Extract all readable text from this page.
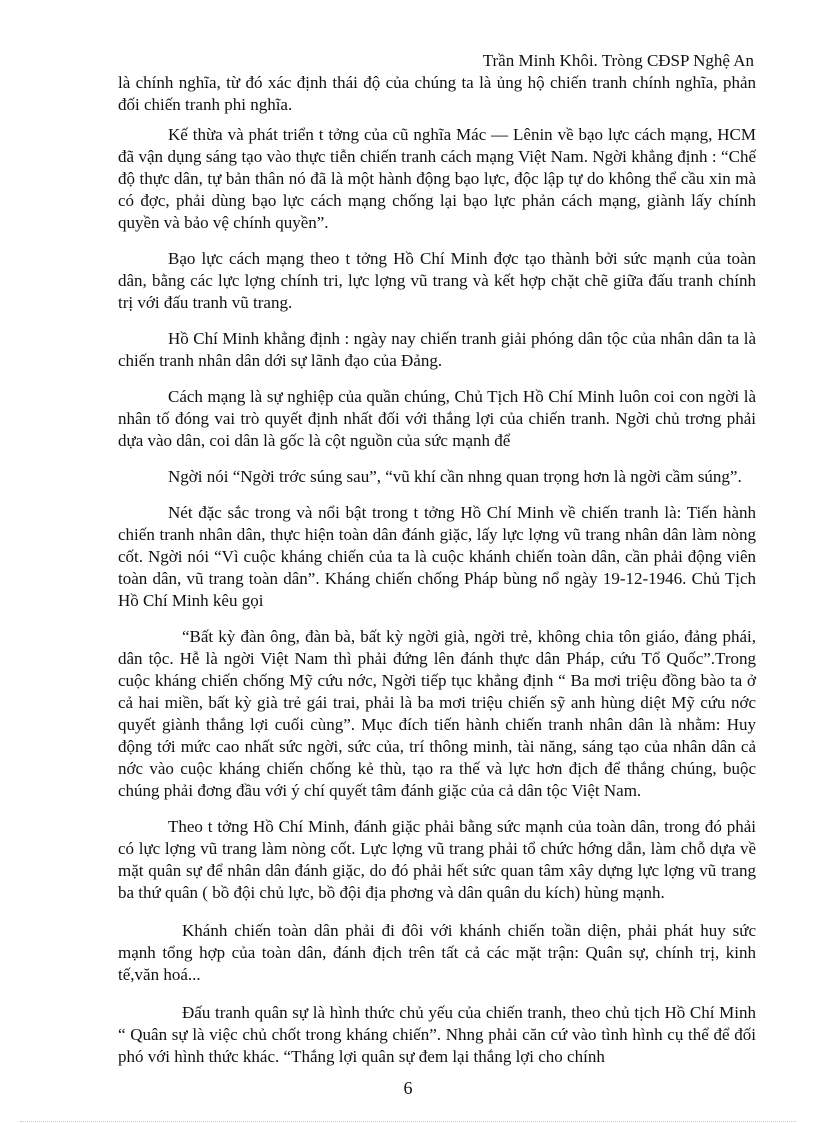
Trần Minh Khôi. Tròng CĐSP Nghệ An

là chính nghĩa, từ đó xác định thái độ của chúng ta là ủng hộ chiến tranh chính nghĩa, phản đối chiến tranh phi nghĩa.

Kế thừa và phát triển t tởng của cũ nghĩa Mác — Lênin về bạo lực cách mạng, HCM đã vận dụng sáng tạo vào thực tiễn chiến tranh cách mạng Việt Nam. Ngời khẳng định : “Chế độ thực dân, tự bản thân nó đã là một hành động bạo lực, độc lập tự do không thể cầu xin mà có đợc, phải dùng bạo lực cách mạng chống lại bạo lực phản cách mạng, giành lấy chính quyền và bảo vệ chính quyền”.

Bạo lực cách mạng theo t tởng Hồ Chí Minh đợc tạo thành bởi sức mạnh của toàn dân, bằng các lực lợng chính tri, lực lợng vũ trang và kết hợp chặt chẽ giữa đấu tranh chính trị với đấu tranh vũ trang.

Hồ Chí Minh khẳng định : ngày nay chiến tranh giải phóng dân tộc của nhân dân ta là chiến tranh nhân dân dới sự lãnh đạo của Đảng.

Cách mạng là sự nghiệp của quần chúng, Chủ Tịch Hồ Chí Minh luôn coi con ngời là nhân tố đóng vai trò quyết định nhất đối với thắng lợi của chiến tranh. Ngời chủ trơng phải dựa vào dân, coi dân là gốc là cột nguồn của sức mạnh để

Ngời nói “Ngời trớc súng sau”, “vũ khí cần nhng quan trọng hơn là ngời cầm súng”.

Nét đặc sắc trong và nổi bật trong t tởng Hồ Chí Minh về chiến tranh là: Tiến hành chiến tranh nhân dân, thực hiện toàn dân đánh giặc, lấy lực lợng vũ trang nhân dân làm nòng cốt. Ngời nói “Vì cuộc kháng chiến của ta là cuộc khánh chiến toàn dân, cần phải động viên toàn dân, vũ trang toàn dân”. Kháng chiến chống Pháp bùng nổ ngày 19-12-1946. Chủ Tịch Hồ Chí Minh kêu gọi

“Bất kỳ đàn ông, đàn bà, bất kỳ ngời già, ngời trẻ, không chia tôn giáo, đảng phái, dân tộc. Hễ là ngời Việt Nam thì phải đứng lên đánh thực dân Pháp, cứu Tổ Quốc”.Trong cuộc kháng chiến chống Mỹ cứu nớc, Ngời tiếp tục khẳng định “ Ba mơi triệu đồng bào ta ở cả hai miền, bất kỳ già trẻ gái trai, phải là ba mơi triệu chiến sỹ anh hùng diệt Mỹ cứu nớc quyết giành thắng lợi cuối cùng”. Mục đích tiến hành chiến tranh nhân dân là nhằm: Huy động tới mức cao nhất sức ngời, sức của, trí thông minh, tài năng, sáng tạo của nhân dân cả nớc vào cuộc kháng chiến chống kẻ thù, tạo ra thế và lực hơn địch để thắng chúng, buộc chúng phải đơng đầu với ý chí quyết tâm đánh giặc của cả dân tộc Việt Nam.

Theo t tởng Hồ Chí Minh, đánh giặc phải bằng sức mạnh của toàn dân, trong đó phải có lực lợng vũ trang làm nòng cốt. Lực lợng vũ trang phải tổ chức hớng dẫn, làm chỗ dựa về mặt quân sự để nhân dân đánh giặc, do đó phải hết sức quan tâm xây dựng lực lợng vũ trang ba thứ quân ( bồ đội chủ lực, bồ đội địa phơng và dân quân du kích) hùng mạnh.

Khánh chiến toàn dân phải đi đôi với khánh chiến toần diện, phải phát huy sức mạnh tổng hợp của toàn dân, đánh địch trên tất cả các mặt trận: Quân sự, chính trị, kinh tế,văn hoá...

Đấu tranh quân sự là hình thức chủ yếu của chiến tranh, theo chủ tịch Hồ Chí Minh “ Quân sự là việc chủ chốt trong kháng chiến”. Nhng phải căn cứ vào tình hình cụ thể để đối phó với hình thức khác. “Thắng lợi quân sự đem lại thắng lợi cho chính

6
